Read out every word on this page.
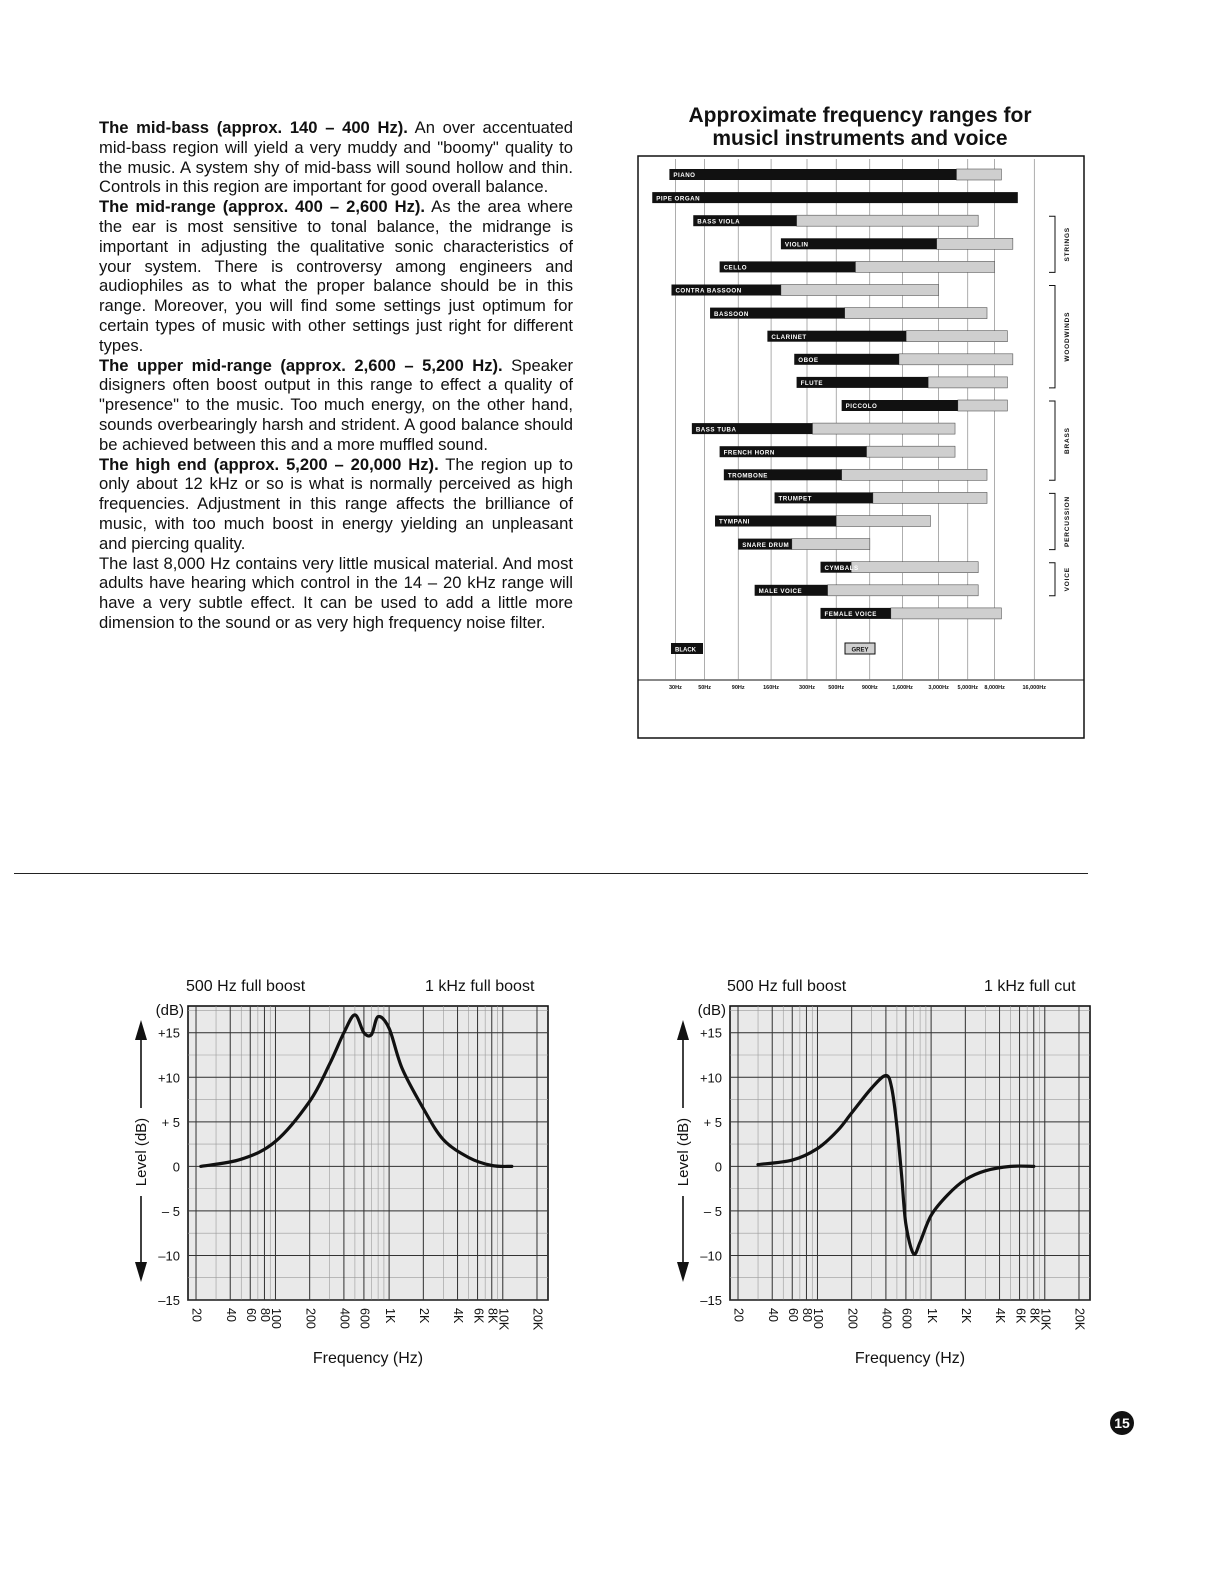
The mid-bass (approx. 140 – 400 Hz). An over accentuated mid-bass region will yield a very muddy and "boomy" quality to the music. A system shy of mid-bass will sound hollow and thin. Controls in this region are important for good overall balance.

The mid-range (approx. 400 – 2,600 Hz). As the area where the ear is most sensitive to tonal balance, the midrange is important in adjusting the qualitative sonic characteristics of your system. There is controversy among engineers and audiophiles as to what the proper balance should be in this range. Moreover, you will find some settings just optimum for certain types of music with other settings just right for different types.

The upper mid-range (approx. 2,600 – 5,200 Hz). Speaker disigners often boost output in this range to effect a quality of "presence" to the music. Too much energy, on the other hand, sounds overbearingly harsh and strident. A good balance should be achieved between this and a more muffled sound.

The high end (approx. 5,200 – 20,000 Hz). The region up to only about 12 kHz or so is what is normally perceived as high frequencies. Adjustment in this range affects the brilliance of music, with too much boost in energy yielding an unpleasant and piercing quality.

The last 8,000 Hz contains very little musical material. And most adults have hearing which control in the 14 – 20 kHz range will have a very subtle effect. It can be used to add a little more dimension to the sound or as very high frequency noise filter.

Approximate frequency ranges for
musicl instruments and voice
30Hz	50Hz	90Hz	160Hz	300Hz 500Hz	900Hz	1,600Hz	3,000Hz 5,000Hz 8,000Hz	16,000Hz
PIANO
PIPE ORGAN
BASS VIOLA
VIOLIN
CELLO
CONTRA BASSOON
BASSOON
CLARINET
OBOE
FLUTE
PICCOLO
BASS TUBA
FRENCH HORN
TROMBONE
TRUMPET
TYMPANI
SNARE DRUM
CYMBALS
MALE VOICE
FEMALE VOICE
STRINGS
WOODWINDS
BRASS
PERCUSSION
VOICE
BLACK	GREY
500 Hz full boost	1 kHz full boost
+15
+10
+ 5
0
– 5
–10
–15
(dB)
Level (dB)
20 40 60 80
100 200 400 600 1K 2K 4K 6K 8K
10K 20K
Frequency (Hz)
500 Hz full boost	1 kHz full cut
+15
+10
+ 5
0
– 5
–10
–15
(dB)
Level (dB)
20 40 60 80
100 200 400 600 1K 2K 4K 6K 8K
10K 20K
Frequency (Hz)
15
